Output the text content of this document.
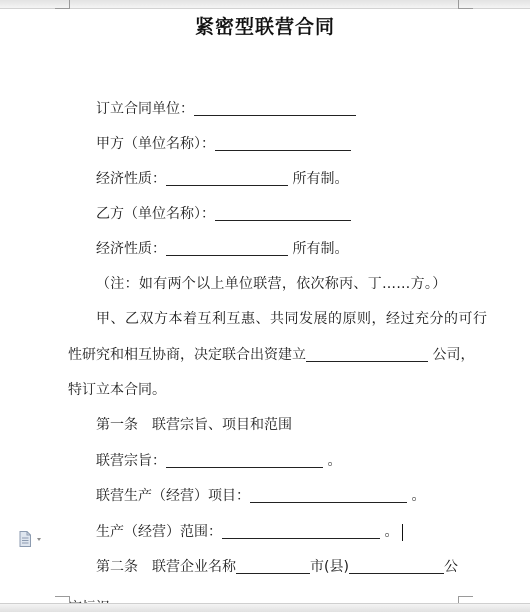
紧密型联营合同
订立合同单位：
甲方（单位名称）：
经济性质：	所有制。
乙方（单位名称）：
经济性质：	所有制。
（注：如有两个以上单位联营，依次称丙、丁……方。）
甲、乙双方本着互利互惠、共同发展的原则，经过充分的可行
性研究和相互协商，决定联合出资建立	公司，
特订立本合同。
第一条　联营宗旨、项目和范围
联营宗旨：	。
联营生产（经营）项目：	。
生产（经营）范围：	。
第二条　联营企业名称	市(县)	公
